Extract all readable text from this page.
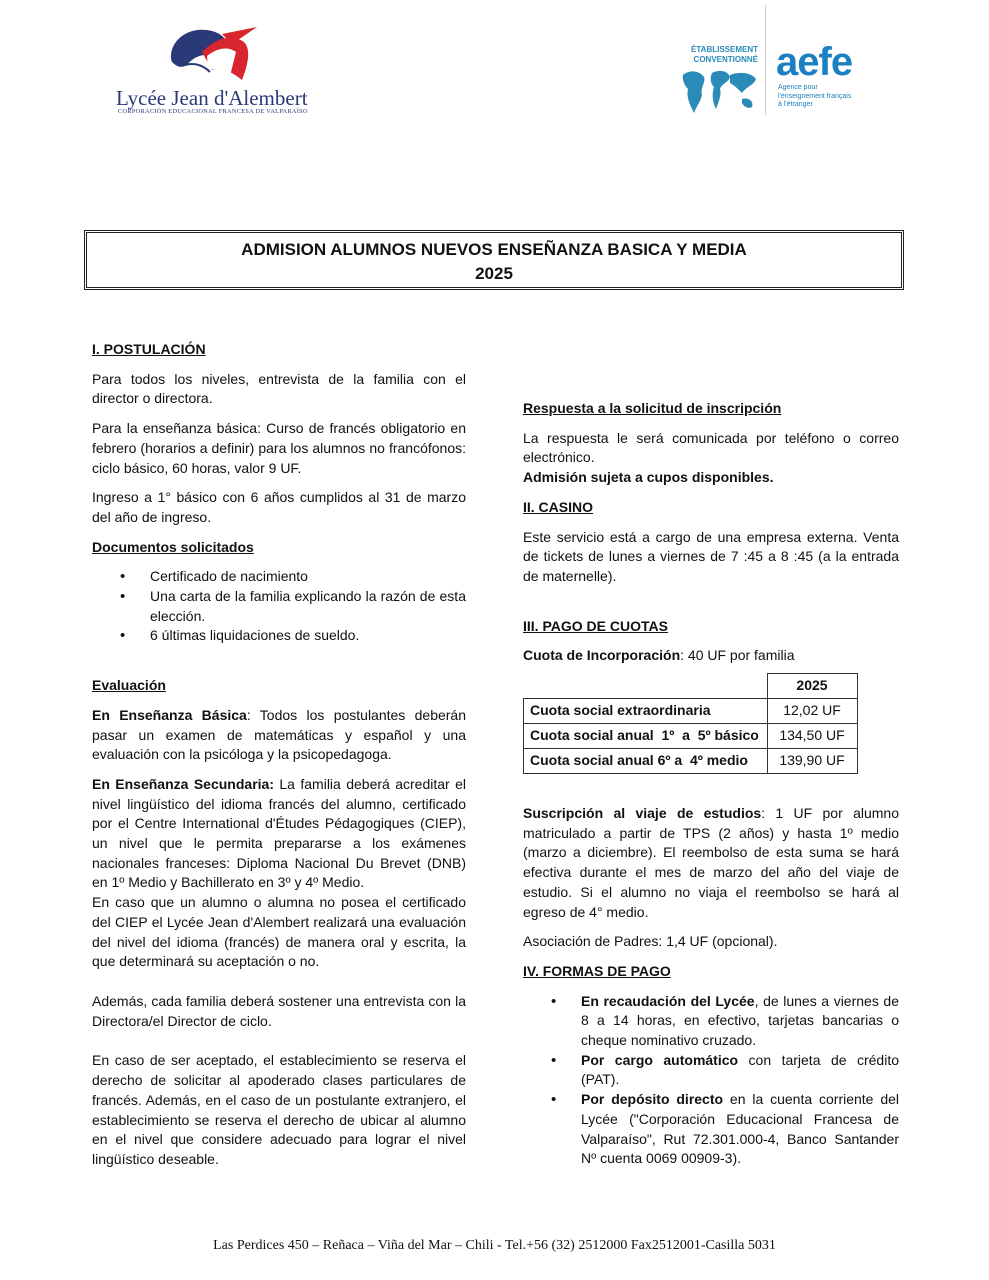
Lycée Jean d'Alembert
CORPORACIÓN EDUCACIONAL FRANCESA DE VALPARAÍSO
ÉTABLISSEMENT
CONVENTIONNÉ aefe
Agence pour
l'enseignement français
à l'étranger
ADMISION ALUMNOS NUEVOS ENSEÑANZA BASICA Y MEDIA
2025

I. POSTULACIÓN

Para todos los niveles, entrevista de la familia con el director o directora.

Para la enseñanza básica: Curso de francés obligatorio en febrero (horarios a definir) para los alumnos no francófonos: ciclo básico, 60 horas, valor 9 UF.

Ingreso a 1° básico con 6 años cumplidos al 31 de marzo del año de ingreso.

Documentos solicitados

• Certificado de nacimiento
• Una carta de la familia explicando la razón de esta elección.
• 6 últimas liquidaciones de sueldo.

Evaluación

En Enseñanza Básica: Todos los postulantes deberán pasar un examen de matemáticas y español y una evaluación con la psicóloga y la psicopedagoga.

En Enseñanza Secundaria: La familia deberá acreditar el nivel lingüístico del idioma francés del alumno, certificado por el Centre International d'Études Pédagogiques (CIEP), un nivel que le permita prepararse a los exámenes nacionales franceses: Diploma Nacional Du Brevet (DNB) en 1º Medio y Bachillerato en 3º y 4º Medio.

En caso que un alumno o alumna no posea el certificado del CIEP el Lycée Jean d'Alembert realizará una evaluación del nivel del idioma (francés) de manera oral y escrita, la que determinará su aceptación o no.

Además, cada familia deberá sostener una entrevista con la Directora/el Director de ciclo.

En caso de ser aceptado, el establecimiento se reserva el derecho de solicitar al apoderado clases particulares de francés. Además, en el caso de un postulante extranjero, el establecimiento se reserva el derecho de ubicar al alumno en el nivel que considere adecuado para lograr el nivel lingüístico deseable.

Respuesta a la solicitud de inscripción

La respuesta le será comunicada por teléfono o correo electrónico.

Admisión sujeta a cupos disponibles.

II. CASINO

Este servicio está a cargo de una empresa externa. Venta de tickets de lunes a viernes de 7 :45 a 8 :45 (a la entrada de maternelle).

III. PAGO DE CUOTAS

Cuota de Incorporación: 40 UF por familia

	2025
Cuota social extraordinaria	12,02 UF
Cuota social anual  1º  a  5º básico	134,50 UF
Cuota social anual 6º a  4º medio	139,90 UF

Suscripción al viaje de estudios: 1 UF por alumno matriculado a partir de TPS (2 años) y hasta 1º medio (marzo a diciembre). El reembolso de esta suma se hará efectiva durante el mes de marzo del año del viaje de estudio. Si el alumno no viaja el reembolso se hará al egreso de 4° medio.

Asociación de Padres: 1,4 UF (opcional).

IV. FORMAS DE PAGO

• En recaudación del Lycée, de lunes a viernes de 8 a 14 horas, en efectivo, tarjetas bancarias o cheque nominativo cruzado.
• Por cargo automático con tarjeta de crédito (PAT).
• Por depósito directo en la cuenta corriente del Lycée ("Corporación Educacional Francesa de Valparaíso", Rut 72.301.000-4, Banco Santander Nº cuenta 0069 00909-3).
Las Perdices 450 – Reñaca – Viña del Mar – Chili - Tel.+56 (32) 2512000 Fax2512001-Casilla 5031
